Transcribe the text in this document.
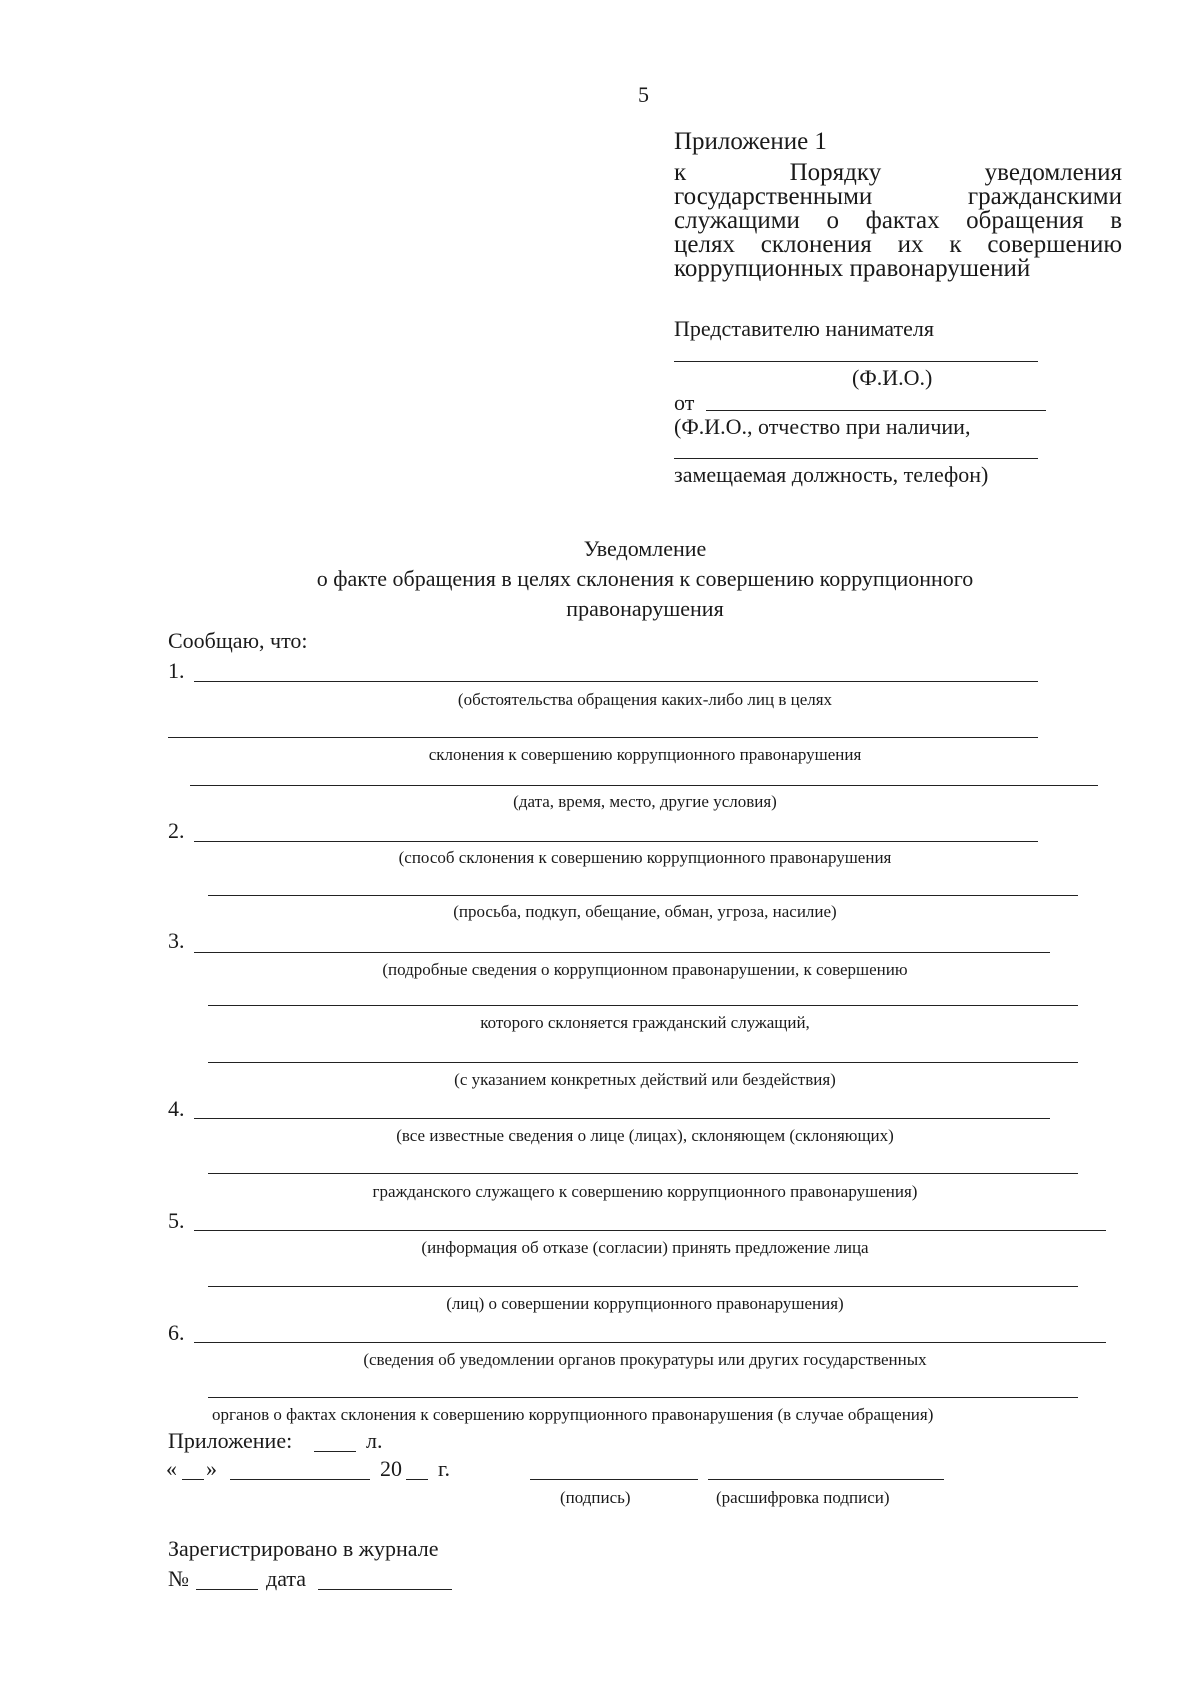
5
Приложение 1
к Порядку уведомления
государственными гражданскими
служащими о фактах обращения в
целях склонения их к совершению
коррупционных правонарушений
Представителю нанимателя
(Ф.И.О.)
от
(Ф.И.О., отчество при наличии,
замещаемая должность, телефон)
Уведомление
о факте обращения в целях склонения к совершению коррупционного
правонарушения
Сообщаю, что:
1.
(обстоятельства обращения каких-либо лиц в целях
склонения к совершению коррупционного правонарушения
(дата, время, место, другие условия)
2.
(способ склонения к совершению коррупционного правонарушения
(просьба, подкуп, обещание, обман, угроза, насилие)
3.
(подробные сведения о коррупционном правонарушении, к совершению
которого склоняется гражданский служащий,
(с указанием конкретных действий или бездействия)
4.
(все известные сведения о лице (лицах), склоняющем (склоняющих)
гражданского служащего к совершению коррупционного правонарушения)
5.
(информация об отказе (согласии) принять предложение лица
(лиц) о совершении коррупционного правонарушения)
6.
(сведения об уведомлении органов прокуратуры или других государственных
органов о фактах склонения к совершению коррупционного правонарушения (в случае обращения)
Приложение:	л.
« »	20 г.
(подпись)	(расшифровка подписи)
Зарегистрировано в журнале
№	дата
